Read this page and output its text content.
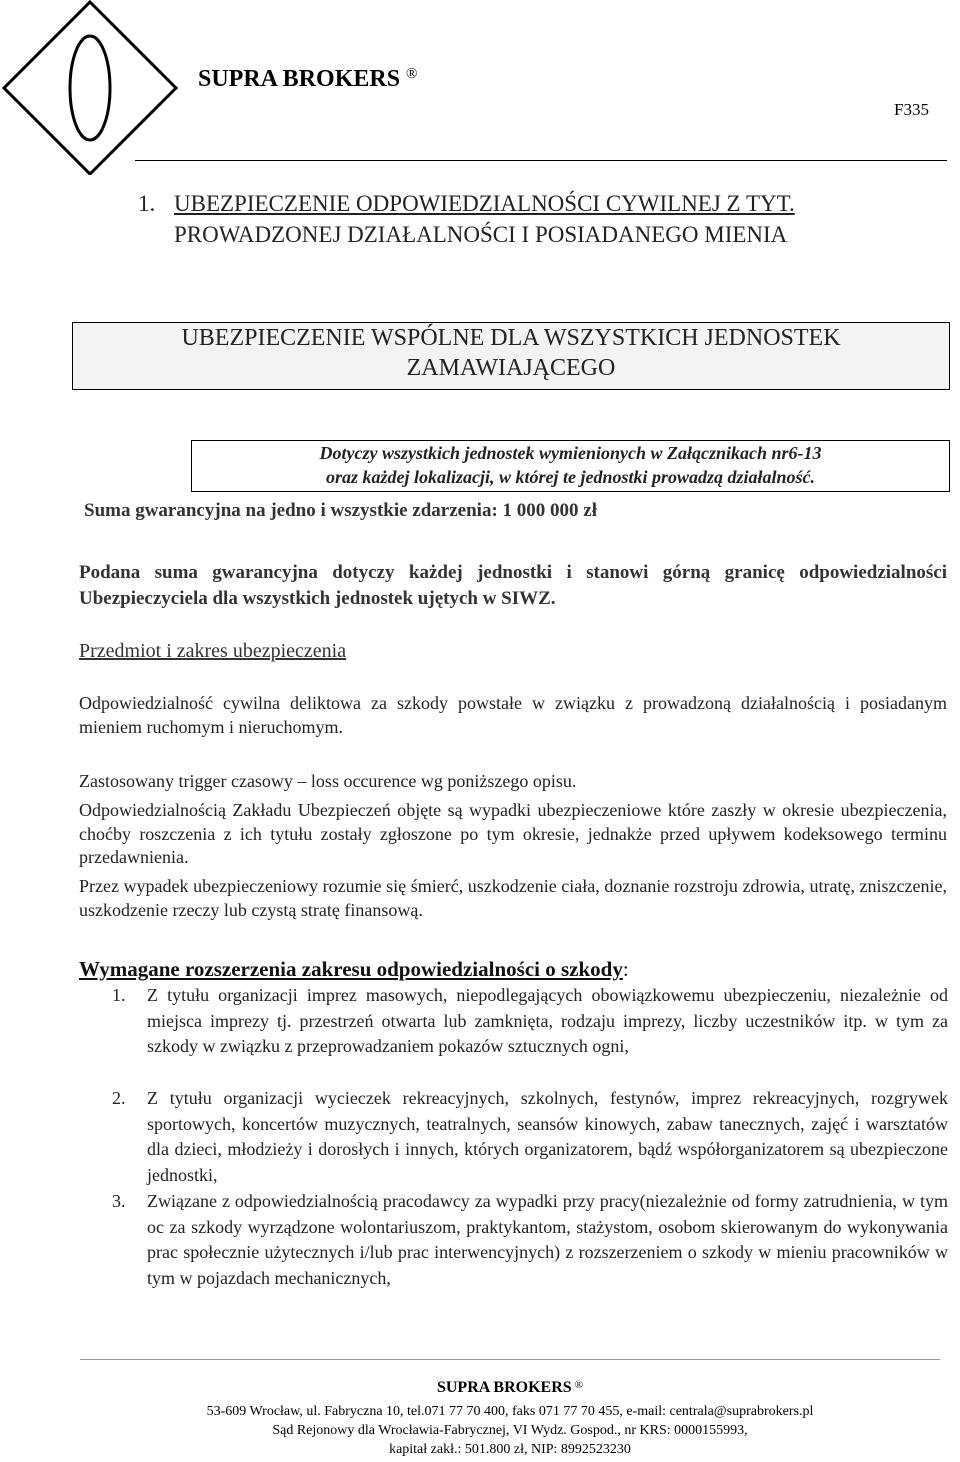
SUPRA BROKERS ®
F335
1. UBEZPIECZENIE ODPOWIEDZIALNOŚCI CYWILNEJ Z TYT.
PROWADZONEJ DZIAŁALNOŚCI I POSIADANEGO MIENIA
UBEZPIECZENIE WSPÓLNE DLA WSZYSTKICH JEDNOSTEK
ZAMAWIAJĄCEGO
Dotyczy wszystkich jednostek wymienionych w Załącznikach nr6-13
oraz każdej lokalizacji, w której te jednostki prowadzą działalność.
Suma gwarancyjna na jedno i wszystkie zdarzenia: 1 000 000 zł
Podana suma gwarancyjna dotyczy każdej jednostki i stanowi górną granicę odpowiedzialności Ubezpieczyciela dla wszystkich jednostek ujętych w SIWZ.
Przedmiot i zakres ubezpieczenia
Odpowiedzialność cywilna deliktowa za szkody powstałe w związku z prowadzoną działalnością i posiadanym mieniem ruchomym i nieruchomym.
Zastosowany trigger czasowy – loss occurence wg poniższego opisu.
Odpowiedzialnością Zakładu Ubezpieczeń objęte są wypadki ubezpieczeniowe które zaszły w okresie ubezpieczenia, choćby roszczenia z ich tytułu zostały zgłoszone po tym okresie, jednakże przed upływem kodeksowego terminu przedawnienia.
Przez wypadek ubezpieczeniowy rozumie się śmierć, uszkodzenie ciała, doznanie rozstroju zdrowia, utratę, zniszczenie, uszkodzenie rzeczy lub czystą stratę finansową.
Wymagane rozszerzenia zakresu odpowiedzialności o szkody:
1. Z tytułu organizacji imprez masowych, niepodlegających obowiązkowemu ubezpieczeniu, niezależnie od miejsca imprezy tj. przestrzeń otwarta lub zamknięta, rodzaju imprezy, liczby uczestników itp. w tym za szkody w związku z przeprowadzaniem pokazów sztucznych ogni,
2. Z tytułu organizacji wycieczek rekreacyjnych, szkolnych, festynów, imprez rekreacyjnych, rozgrywek sportowych, koncertów muzycznych, teatralnych, seansów kinowych, zabaw tanecznych, zajęć i warsztatów dla dzieci, młodzieży i dorosłych i innych, których organizatorem, bądź współorganizatorem są ubezpieczone jednostki,
3. Związane z odpowiedzialnością pracodawcy za wypadki przy pracy(niezależnie od formy zatrudnienia, w tym oc za szkody wyrządzone wolontariuszom, praktykantom, stażystom, osobom skierowanym do wykonywania prac społecznie użytecznych i/lub prac interwencyjnych) z rozszerzeniem o szkody w mieniu pracowników w tym w pojazdach mechanicznych,
SUPRA BROKERS ®
53-609 Wrocław, ul. Fabryczna 10, tel.071 77 70 400, faks 071 77 70 455, e-mail: centrala@suprabrokers.pl
Sąd Rejonowy dla Wrocławia-Fabrycznej, VI Wydz. Gospod., nr KRS: 0000155993,
kapitał zakł.: 501.800 zł, NIP: 8992523230
